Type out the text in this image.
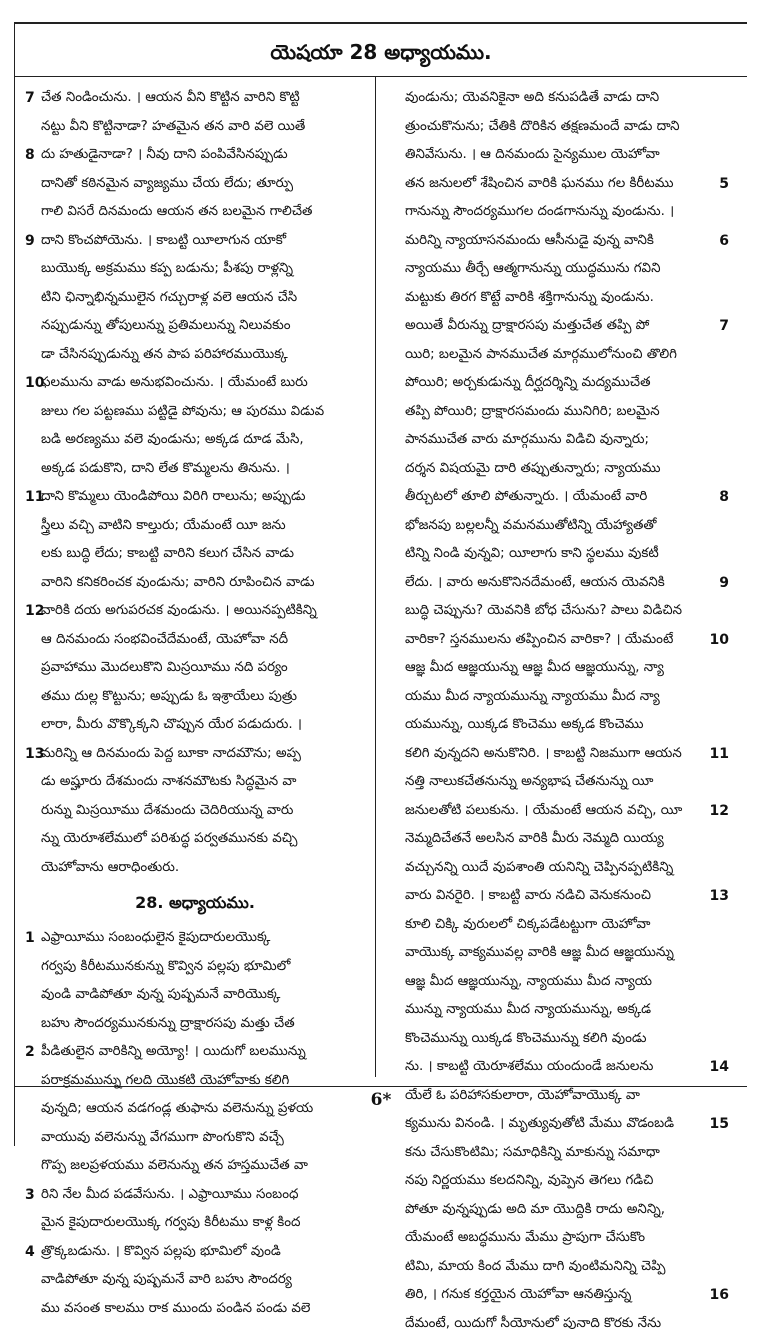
యెషయా 28 అధ్యాయము.
7 చేత నిండించును. । ఆయన వీని కొట్టిన వారిని కొట్టి
నట్టు వీని కొట్టినాడా? హతమైన తన వారి వలె యితే
8 దు హతుడైనాడా? । నీవు దాని పంపివేసినప్పుడు
దానితో కఠినమైన వ్యాజ్యము చేయ లేదు; తూర్పు
గాలి విసరే దినమందు ఆయన తన బలమైన గాలిచేత
9 దాని కొంచపోయెను. । కాబట్టి యీలాగున యాకో
బుయొక్క అక్రమము కప్ప బడును; పీశపు రాళ్లన్ని
టిని ఛిన్నాభిన్నములైన గచ్చురాళ్ల వలె ఆయన చేసి
నప్పుడున్ను తోపులున్ను ప్రతిమలున్ను నిలువకుం
డా చేసినప్పుడున్ను తన పాప పరిహారముయొక్క
10
ఫలమును వాడు అనుభవించును. । యేమంటే బురు
జులు గల పట్టణము పట్టిడై పోవును; ఆ పురము విడువ
బడి అరణ్యము వలె వుండును; అక్కడ దూడ మేసి,
అక్కడ పడుకొని, దాని లేత కొమ్మలను తినును. ।
11
దాని కొమ్మలు యెండిపోయి విరిగి రాలును; అప్పుడు
స్త్రీలు వచ్చి వాటిని కాల్తురు; యేమంటే యీ జను
లకు బుద్ధి లేదు; కాబట్టి వారిని కలుగ చేసిన వాడు
వారిని కనికరించక వుండును; వారిని రూపించిన వాడు
12
వారికి దయ అగుపరచక వుండును. । అయినప్పటికిన్ని
ఆ దినమందు సంభవించేదేమంటే, యెహోవా నదీ
ప్రవాహాము మొదలుకొని మిస్రయీము నది పర్యం
తము దుల్ల కొట్టును; అప్పుడు ఓ ఇశ్రాయేలు పుత్రు
లారా, మీరు వొక్కొక్కని చొప్పున యేర పడుదురు. ।
13
మరిన్ని ఆ దినమందు పెద్ద బూకా నాదమౌను; అప్ప
డు అష్హూరు దేశమందు నాశనమౌటకు సిద్ధమైన వా
రున్ను మిస్రయీము దేశమందు చెదిరియున్న వారు
న్ను యెరూశలేములో పరిశుద్ధ పర్వతమునకు వచ్చి
యెహోవాను ఆరాధింతురు.
28. అధ్యాయము.
1 ఎఫ్రాయీము సంబంధులైన కైపుదారులయొక్క
గర్వపు కిరీటమునకున్ను కొవ్విన పల్లపు భూమిలో
వుండి వాడిపోతూ వున్న పుష్పమనే వారియొక్క
బహు సౌందర్యమునకున్ను ద్రాక్షారసపు మత్తు చేత
2 పీడితులైన వారికిన్ని అయ్యో! । యిదుగో బలమున్ను
పరాక్రమమున్ను గలది యొకటి యెహోవాకు కలిగి
వున్నది; ఆయన వడగండ్ల తుఫాను వలెనున్ను ప్రళయ
వాయువు వలెనున్ను వేగముగా పొంగుకొని వచ్చే
గొప్ప జలప్రళయము వలెనున్ను తన హస్తముచేత వా
3 రిని నేల మీద పడవేసును. । ఎఫ్రాయీము సంబంధ
మైన కైపుదారులయొక్క గర్వపు కిరీటము కాళ్ల కింద
4 త్రొక్కబడును. । కొవ్విన పల్లపు భూమిలో వుండి
వాడిపోతూ వున్న పుష్పమనే వారి బహు సౌందర్య
ము వసంత కాలము రాక ముందు పండిన పండు వలె
వుండును; యెవనికైనా అది కనుపడితే వాడు దాని
త్రుంచుకొనును; చేతికి దొరికిన తక్షణమందే వాడు దాని
తినివేసును. । ఆ దినమందు సైన్యముల యెహోవా
5
తన జనులలో శేషించిన వారికి ఘనము గల కిరీటము
గానున్ను సౌందర్యముగల దండగానున్ను వుండును. ।
6
మరిన్ని న్యాయాసనమందు ఆసీనుడై వున్న వానికి
న్యాయము తీర్చే ఆత్మగానున్ను యుద్ధమును గవిని
మట్టుకు తిరగ కొట్టే వారికి శక్తిగానున్ను వుండును.
7
అయితే వీరున్ను ద్రాక్షారసపు మత్తుచేత తప్పి పో
యిరి; బలమైన పానముచేత మార్గములోనుంచి తొలిగి
పోయిరి; అర్చకుడున్ను దీర్ఘదర్శిన్ని మద్యముచేత
తప్పి పోయిరి; ద్రాక్షారసమందు మునిగిరి; బలమైన
పానముచేత వారు మార్గమును విడిచి వున్నారు;
దర్శన విషయమై దారి తప్పుతున్నారు; న్యాయము
8
తీర్చుటలో తూలి పోతున్నారు. । యేమంటే వారి
భోజనపు బల్లలన్నీ వమనముతోటిన్ని యేహ్యాతతో
టిన్ని నిండి వున్నవి; యీలాగు కాని స్థలము వుకటీ
9
లేదు. । వారు అనుకొనినదేమంటే, ఆయన యెవనికి
బుద్ధి చెప్పును? యెవనికి బోధ చేసును? పాలు విడిచిన
10
వారికా? స్తనములను తప్పించిన వారికా? । యేమంటే
ఆజ్ఞ మీద ఆజ్ఞయున్ను ఆజ్ఞ మీద ఆజ్ఞయున్ను, న్యా
యము మీద న్యాయమున్ను న్యాయము మీద న్యా
యమున్ను, యిక్కడ కొంచెము అక్కడ కొంచెము
11
కలిగి వున్నదని అనుకొనిరి. । కాబట్టి నిజముగా ఆయన
నత్తి నాలుకచేతనున్ను అన్యభాష చేతనున్ను యీ
12
జనులతోటి పలుకును. । యేమంటే ఆయన వచ్చి, యీ
నెమ్మదిచేతనే అలసిన వారికి మీరు నెమ్మది యియ్య
వచ్చునన్ని యిదే వుపశాంతి యనిన్ని చెప్పినప్పటికిన్ని
13
వారు వినరైరి. । కాబట్టి వారు నడిచి వెనుకనుంచి
కూలి చిక్కి వురులలో చిక్కపడేటట్టుగా యెహోవా
వాయొక్క వాక్యమువల్ల వారికి ఆజ్ఞ మీద ఆజ్ఞయున్ను
ఆజ్ఞ మీద ఆజ్ఞయున్ను, న్యాయము మీద న్యాయ
మున్ను న్యాయము మీద న్యాయమున్ను, అక్కడ
కొంచెమున్ను యిక్కడ కొంచెమున్ను కలిగి వుండు
14
ను. । కాబట్టి యెరూశలేము యందుండే జనులను
యేలే ఓ పరిహాసకులారా, యెహోవాయొక్క వా
15
క్యమును వినండి. । మృత్యువుతోటి మేము వొడంబడి
కను చేసుకొంటిమి; సమాధికిన్ని మాకున్ను సమాధా
నపు నిర్ణయము కలదనిన్ని, వుప్పెన తెగలు గడిచి
పోతూ వున్నప్పుడు అది మా యొద్దికి రాదు అనిన్ని,
యేమంటే అబద్ధమును మేము ప్రాపుగా చేసుకొం
టిమి, మాయ కింద మేము దాగి వుంటిమనిన్ని చెప్పి
16
తిరి, । గనుక కర్తయైన యెహోవా ఆనతిస్తున్న
దేమంటే, యిదుగో సీయోనులో పునాది కొరకు నేను
6*
